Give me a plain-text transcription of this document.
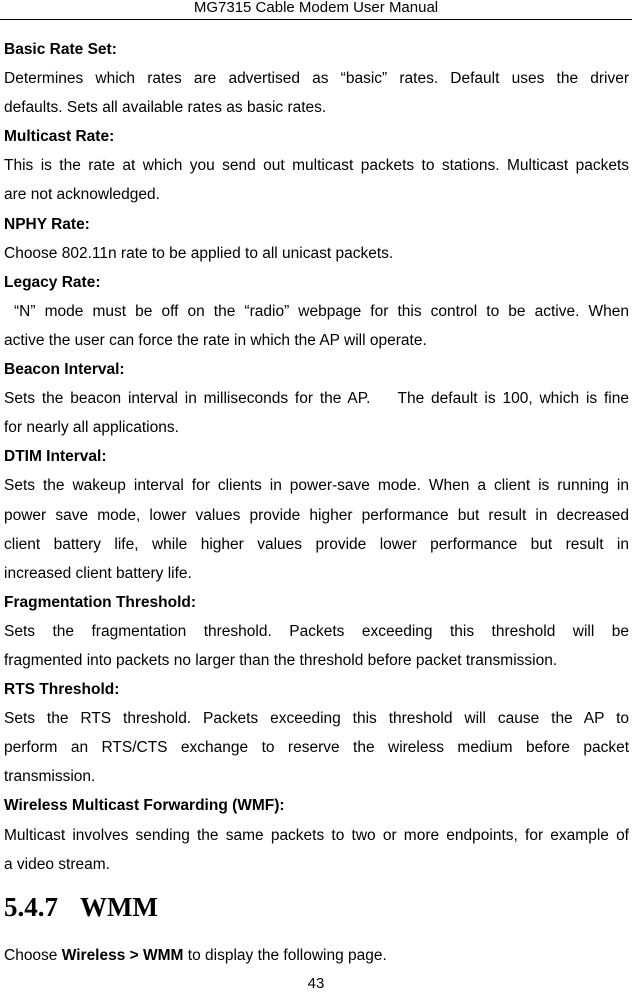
MG7315 Cable Modem User Manual
Basic Rate Set:
Determines which rates are advertised as “basic” rates. Default uses the driver
defaults. Sets all available rates as basic rates.
Multicast Rate:
This is the rate at which you send out multicast packets to stations. Multicast packets
are not acknowledged.
NPHY Rate:
Choose 802.11n rate to be applied to all unicast packets.
Legacy Rate:
“N” mode must be off on the “radio” webpage for this control to be active. When
active the user can force the rate in which the AP will operate.
Beacon Interval:
Sets the beacon interval in milliseconds for the AP.    The default is 100, which is fine
for nearly all applications.
DTIM Interval:
Sets the wakeup interval for clients in power-save mode. When a client is running in
power save mode, lower values provide higher performance but result in decreased
client battery life, while higher values provide lower performance but result in
increased client battery life.
Fragmentation Threshold:
Sets the fragmentation threshold. Packets exceeding this threshold will be
fragmented into packets no larger than the threshold before packet transmission.
RTS Threshold:
Sets the RTS threshold. Packets exceeding this threshold will cause the AP to
perform an RTS/CTS exchange to reserve the wireless medium before packet
transmission.
Wireless Multicast Forwarding (WMF):
Multicast involves sending the same packets to two or more endpoints, for example of
a video stream.
5.4.7 WMM
Choose Wireless > WMM to display the following page.
43
